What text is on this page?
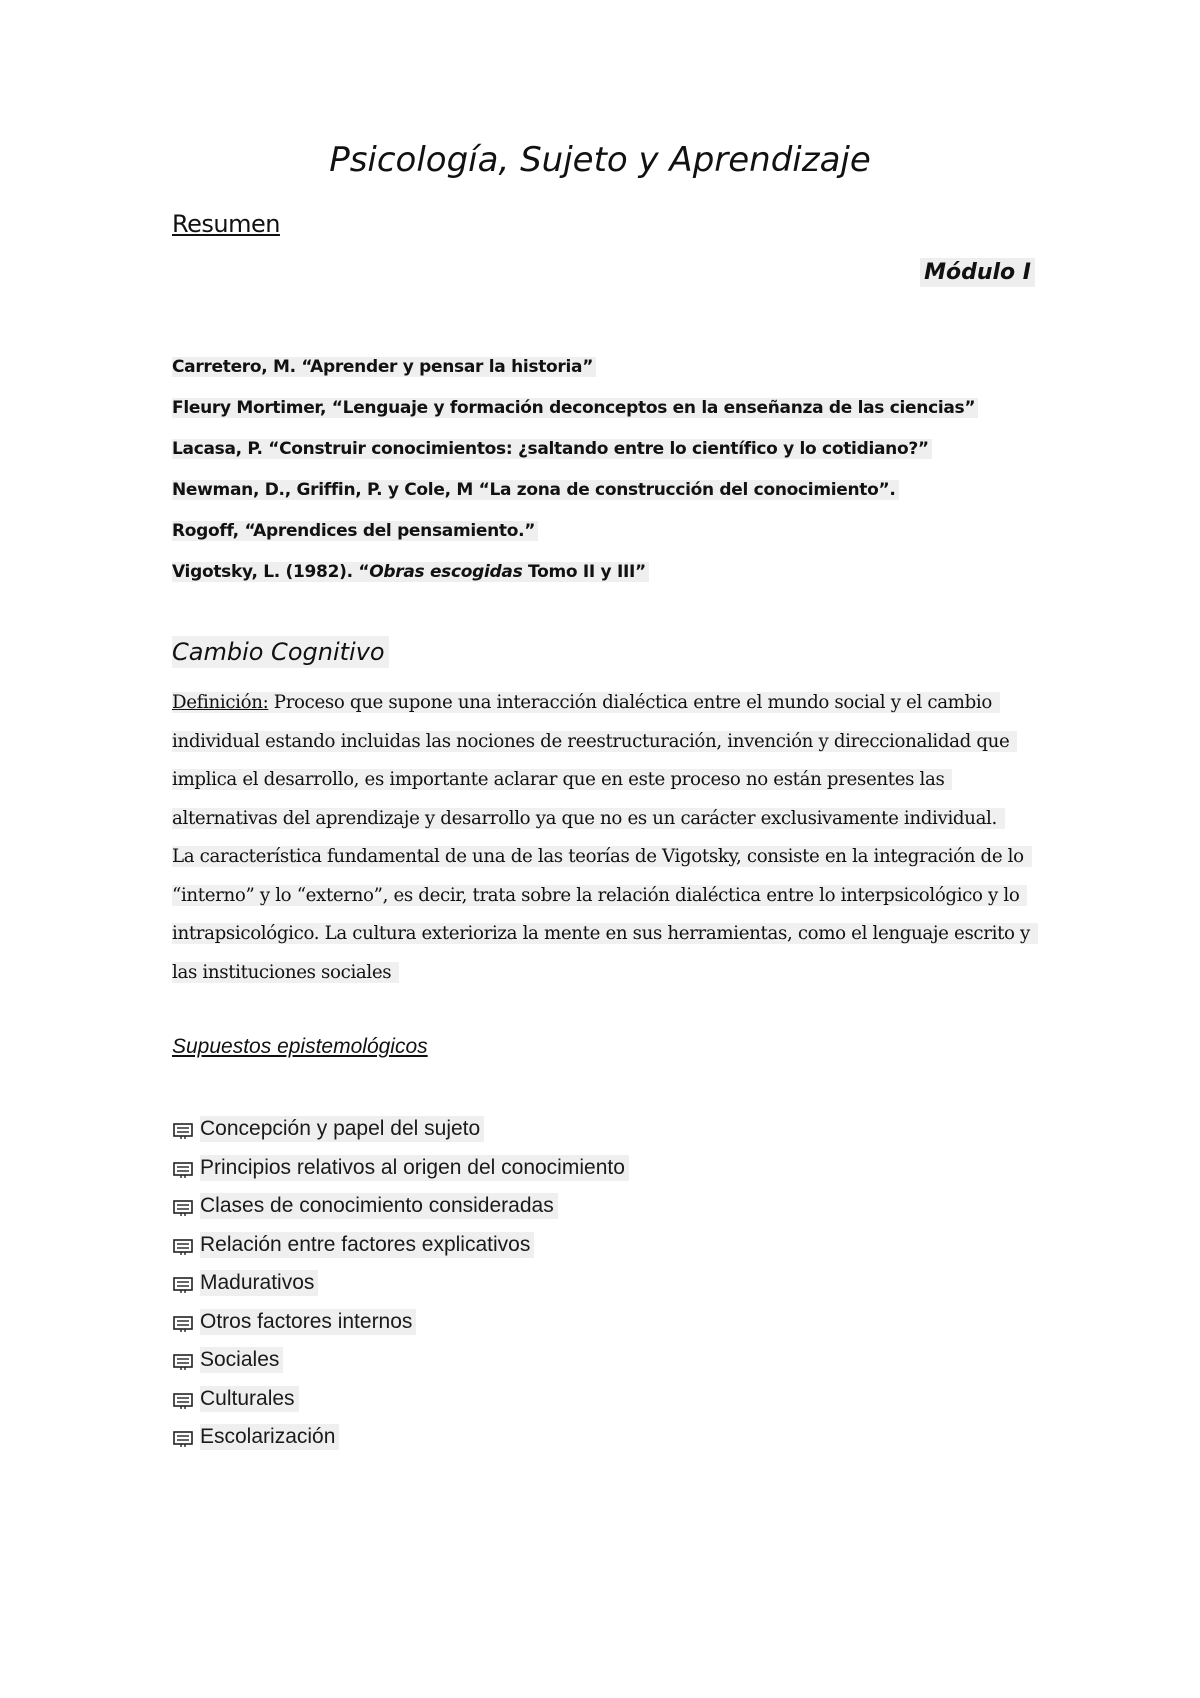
Psicología, Sujeto y Aprendizaje
Resumen
Módulo I
Carretero, M. “Aprender y pensar la historia”
Fleury Mortimer, “Lenguaje y formación deconceptos en la enseñanza de las ciencias”
Lacasa, P. “Construir conocimientos: ¿saltando entre lo científico y lo cotidiano?”
Newman, D., Griffin, P. y Cole, M “La zona de construcción del conocimiento”.
Rogoff, “Aprendices del pensamiento.”
Vigotsky, L. (1982). “Obras escogidas Tomo II y III”
Cambio Cognitivo
Definición: Proceso que supone una interacción dialéctica entre el mundo social y el cambio
individual estando incluidas las nociones de reestructuración, invención y direccionalidad que
implica el desarrollo, es importante aclarar que en este proceso no están presentes las
alternativas del aprendizaje y desarrollo ya que no es un carácter exclusivamente individual.
La característica fundamental de una de las teorías de Vigotsky, consiste en la integración de lo
“interno” y lo “externo”, es decir, trata sobre la relación dialéctica entre lo interpsicológico y lo
intrapsicológico. La cultura exterioriza la mente en sus herramientas, como el lenguaje escrito y
las instituciones sociales
Supuestos epistemológicos
Concepción y papel del sujeto
Principios relativos al origen del conocimiento
Clases de conocimiento consideradas
Relación entre factores explicativos
Madurativos
Otros factores internos
Sociales
Culturales
Escolarización
